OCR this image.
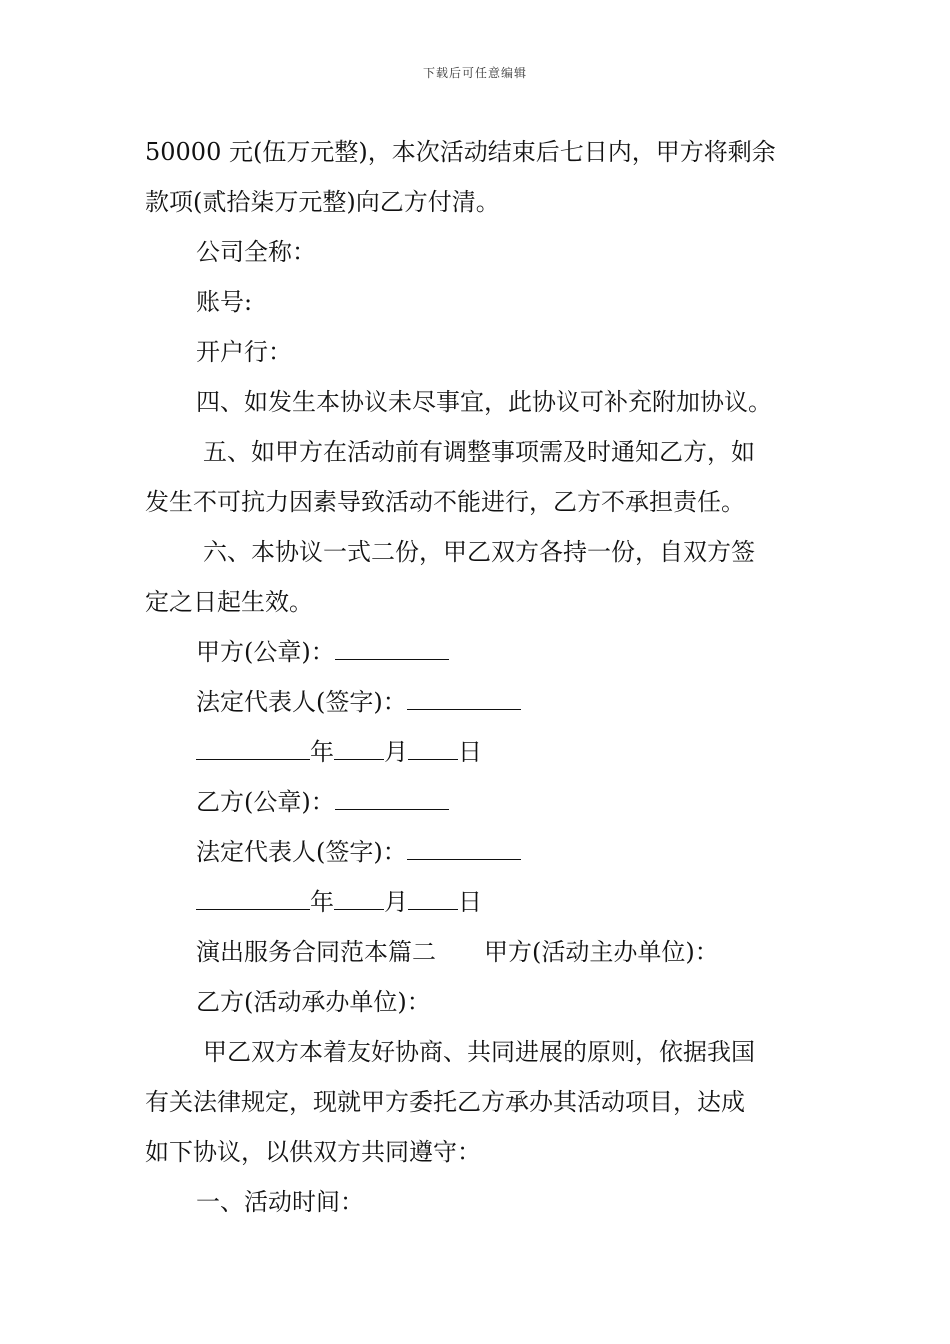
下载后可任意编辑

50000 元(伍万元整)，本次活动结束后七日内，甲方将剩余

款项(贰拾柒万元整)向乙方付清。

公司全称：

账号:

开户行：

四、如发生本协议未尽事宜，此协议可补充附加协议。

五、如甲方在活动前有调整事项需及时通知乙方，如

发生不可抗力因素导致活动不能进行，乙方不承担责任。

六、本协议一式二份，甲乙双方各持一份，自双方签

定之日起生效。

甲方(公章)：

法定代表人(签字)：

年 月 日

乙方(公章)：

法定代表人(签字)：

年 月 日

演出服务合同范本篇二 甲方(活动主办单位)：

乙方(活动承办单位)：

甲乙双方本着友好协商、共同进展的原则，依据我国

有关法律规定，现就甲方委托乙方承办其活动项目，达成

如下协议，以供双方共同遵守：

一、活动时间：
